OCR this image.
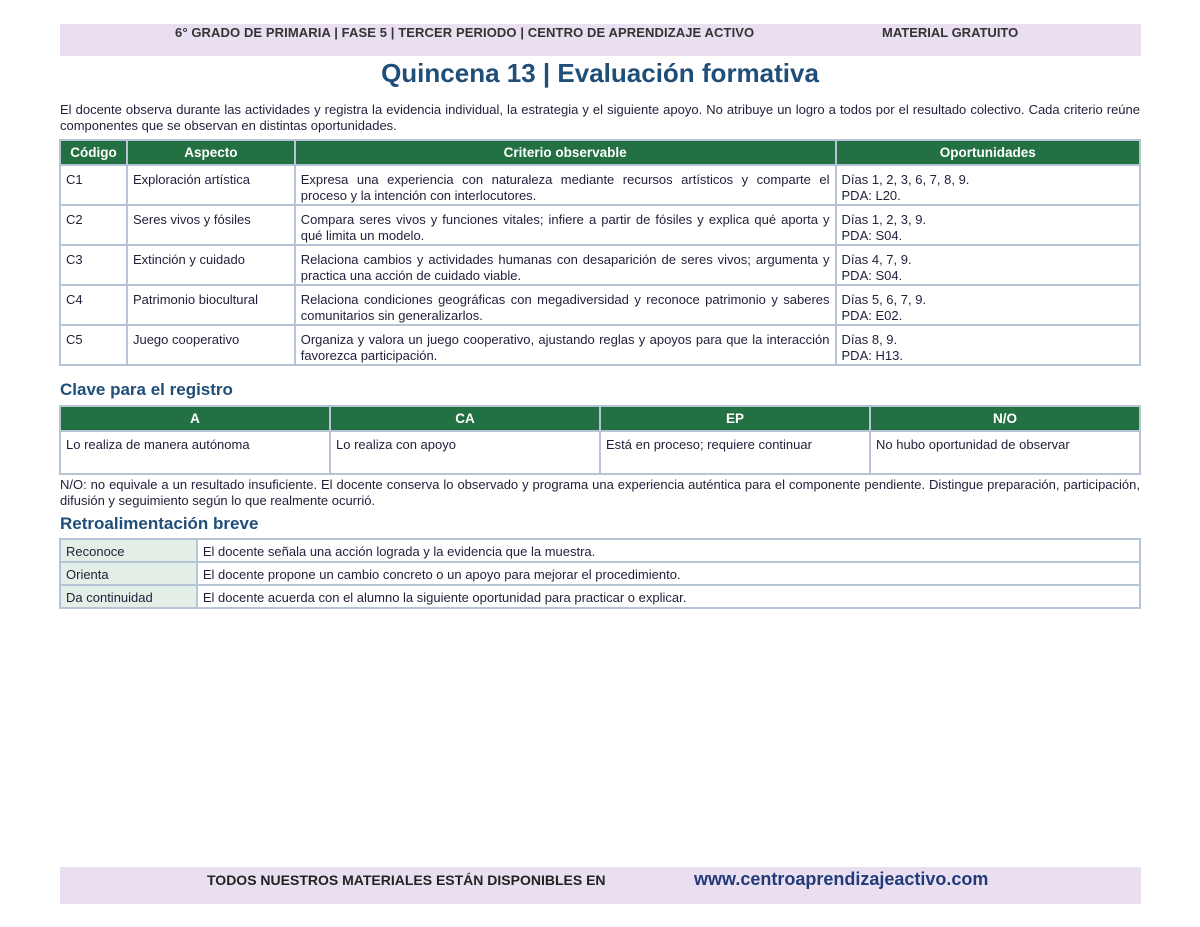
6° GRADO DE PRIMARIA | FASE 5 | TERCER PERIODO | CENTRO DE APRENDIZAJE ACTIVO	MATERIAL GRATUITO
Quincena 13 | Evaluación formativa
El docente observa durante las actividades y registra la evidencia individual, la estrategia y el siguiente apoyo. No atribuye un logro a todos por el resultado colectivo. Cada criterio reúne componentes que se observan en distintas oportunidades.
Código	Aspecto	Criterio observable	Oportunidades
C1	Exploración artística	Expresa una experiencia con naturaleza mediante recursos artísticos y comparte el proceso y la intención con interlocutores.	Días 1, 2, 3, 6, 7, 8, 9.
PDA: L20.

C2	Seres vivos y fósiles	Compara seres vivos y funciones vitales; infiere a partir de fósiles y explica qué aporta y qué limita un modelo.	Días 1, 2, 3, 9.
PDA: S04.

C3	Extinción y cuidado	Relaciona cambios y actividades humanas con desaparición de seres vivos; argumenta y practica una acción de cuidado viable.	Días 4, 7, 9.
PDA: S04.

C4	Patrimonio biocultural	Relaciona condiciones geográficas con megadiversidad y reconoce patrimonio y saberes comunitarios sin generalizarlos.	Días 5, 6, 7, 9.
PDA: E02.

C5	Juego cooperativo	Organiza y valora un juego cooperativo, ajustando reglas y apoyos para que la interacción favorezca participación.	Días 8, 9.
PDA: H13.
Clave para el registro
A	CA	EP	N/O
Lo realiza de manera autónoma	Lo realiza con apoyo	Está en proceso; requiere continuar	No hubo oportunidad de observar
N/O: no equivale a un resultado insuficiente. El docente conserva lo observado y programa una experiencia auténtica para el componente pendiente. Distingue preparación, participación, difusión y seguimiento según lo que realmente ocurrió.
Retroalimentación breve
Reconoce	El docente señala una acción lograda y la evidencia que la muestra.
Orienta	El docente propone un cambio concreto o un apoyo para mejorar el procedimiento.
Da continuidad	El docente acuerda con el alumno la siguiente oportunidad para practicar o explicar.
TODOS NUESTROS MATERIALES ESTÁN DISPONIBLES EN	www.centroaprendizajeactivo.com
